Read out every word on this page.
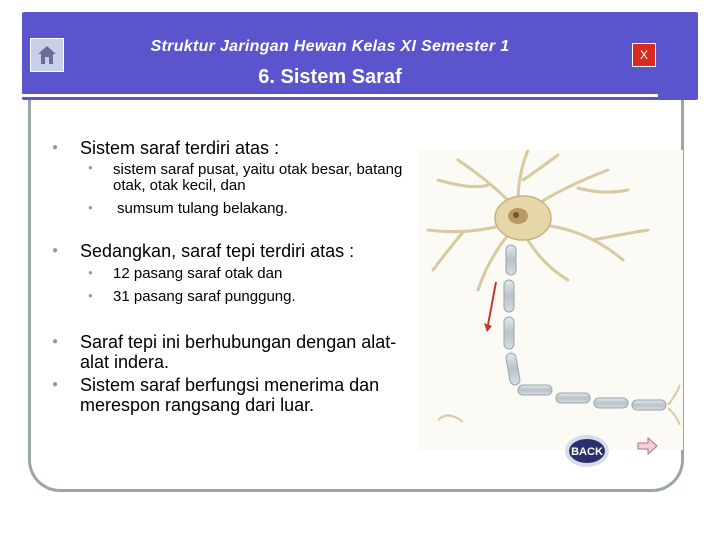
Struktur Jaringan Hewan Kelas XI Semester 1
6. Sistem Saraf
X
● Sistem saraf terdiri atas :
● sistem saraf pusat, yaitu otak besar, batang otak, otak kecil, dan
● sumsum tulang belakang.
● Sedangkan, saraf tepi terdiri atas :
● 12 pasang saraf otak dan
● 31 pasang saraf punggung.
● Saraf tepi ini berhubungan dengan alat-alat indera.
● Sistem saraf berfungsi menerima dan merespon rangsang dari luar.
BACK
